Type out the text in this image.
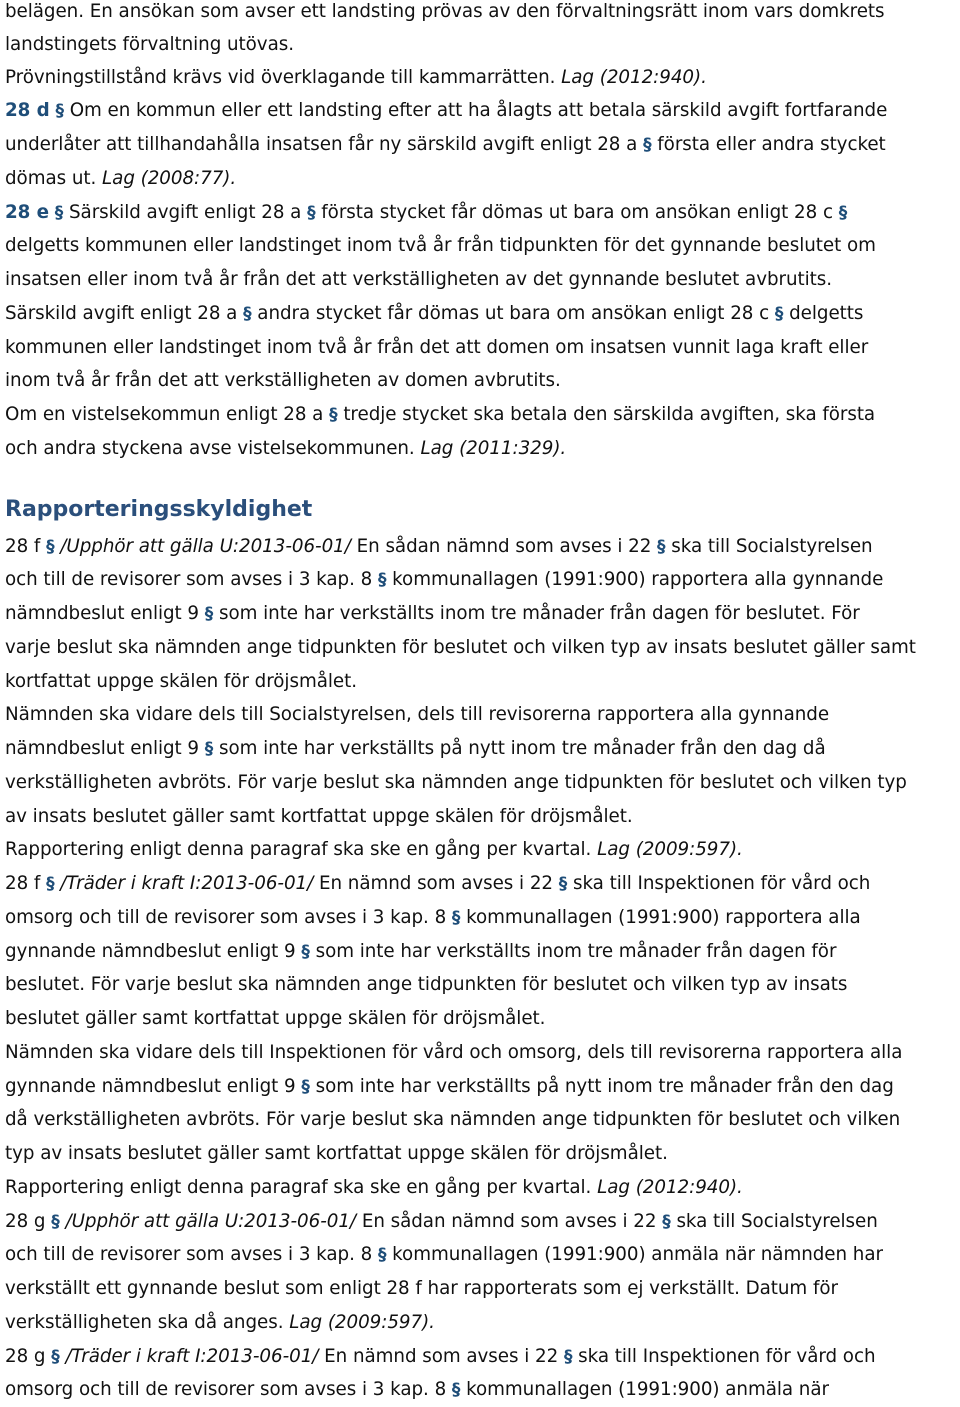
belägen. En ansökan som avser ett landsting prövas av den förvaltningsrätt inom vars domkrets
landstingets förvaltning utövas.
Prövningstillstånd krävs vid överklagande till kammarrätten. Lag (2012:940).
28 d § Om en kommun eller ett landsting efter att ha ålagts att betala särskild avgift fortfarande
underlåter att tillhandahålla insatsen får ny särskild avgift enligt 28 a § första eller andra stycket
dömas ut. Lag (2008:77).
28 e § Särskild avgift enligt 28 a § första stycket får dömas ut bara om ansökan enligt 28 c §
delgetts kommunen eller landstinget inom två år från tidpunkten för det gynnande beslutet om
insatsen eller inom två år från det att verkställigheten av det gynnande beslutet avbrutits.
Särskild avgift enligt 28 a § andra stycket får dömas ut bara om ansökan enligt 28 c § delgetts
kommunen eller landstinget inom två år från det att domen om insatsen vunnit laga kraft eller
inom två år från det att verkställigheten av domen avbrutits.
Om en vistelsekommun enligt 28 a § tredje stycket ska betala den särskilda avgiften, ska första
och andra styckena avse vistelsekommunen. Lag (2011:329).
Rapporteringsskyldighet
28 f § /Upphör att gälla U:2013-06-01/ En sådan nämnd som avses i 22 § ska till Socialstyrelsen
och till de revisorer som avses i 3 kap. 8 § kommunallagen (1991:900) rapportera alla gynnande
nämndbeslut enligt 9 § som inte har verkställts inom tre månader från dagen för beslutet. För
varje beslut ska nämnden ange tidpunkten för beslutet och vilken typ av insats beslutet gäller samt
kortfattat uppge skälen för dröjsmålet.
Nämnden ska vidare dels till Socialstyrelsen, dels till revisorerna rapportera alla gynnande
nämndbeslut enligt 9 § som inte har verkställts på nytt inom tre månader från den dag då
verkställigheten avbröts. För varje beslut ska nämnden ange tidpunkten för beslutet och vilken typ
av insats beslutet gäller samt kortfattat uppge skälen för dröjsmålet.
Rapportering enligt denna paragraf ska ske en gång per kvartal. Lag (2009:597).
28 f § /Träder i kraft I:2013-06-01/ En nämnd som avses i 22 § ska till Inspektionen för vård och
omsorg och till de revisorer som avses i 3 kap. 8 § kommunallagen (1991:900) rapportera alla
gynnande nämndbeslut enligt 9 § som inte har verkställts inom tre månader från dagen för
beslutet. För varje beslut ska nämnden ange tidpunkten för beslutet och vilken typ av insats
beslutet gäller samt kortfattat uppge skälen för dröjsmålet.
Nämnden ska vidare dels till Inspektionen för vård och omsorg, dels till revisorerna rapportera alla
gynnande nämndbeslut enligt 9 § som inte har verkställts på nytt inom tre månader från den dag
då verkställigheten avbröts. För varje beslut ska nämnden ange tidpunkten för beslutet och vilken
typ av insats beslutet gäller samt kortfattat uppge skälen för dröjsmålet.
Rapportering enligt denna paragraf ska ske en gång per kvartal. Lag (2012:940).
28 g § /Upphör att gälla U:2013-06-01/ En sådan nämnd som avses i 22 § ska till Socialstyrelsen
och till de revisorer som avses i 3 kap. 8 § kommunallagen (1991:900) anmäla när nämnden har
verkställt ett gynnande beslut som enligt 28 f har rapporterats som ej verkställt. Datum för
verkställigheten ska då anges. Lag (2009:597).
28 g § /Träder i kraft I:2013-06-01/ En nämnd som avses i 22 § ska till Inspektionen för vård och
omsorg och till de revisorer som avses i 3 kap. 8 § kommunallagen (1991:900) anmäla när
